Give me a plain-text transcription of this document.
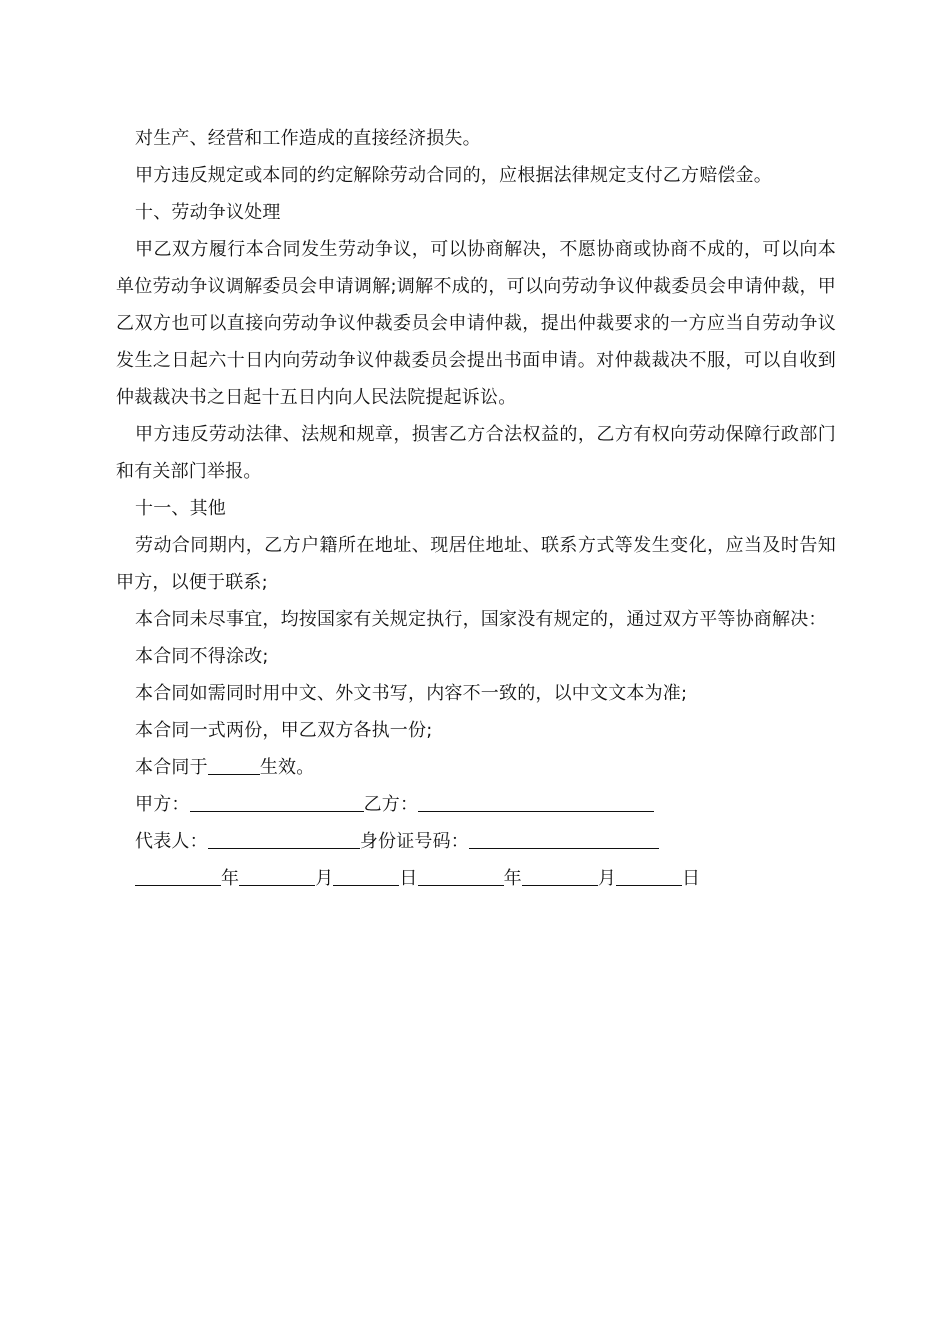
对生产、经营和工作造成的直接经济损失。

甲方违反规定或本同的约定解除劳动合同的，应根据法律规定支付乙方赔偿金。

十、劳动争议处理

甲乙双方履行本合同发生劳动争议，可以协商解决，不愿协商或协商不成的，可以向本单位劳动争议调解委员会申请调解;调解不成的，可以向劳动争议仲裁委员会申请仲裁，甲乙双方也可以直接向劳动争议仲裁委员会申请仲裁，提出仲裁要求的一方应当自劳动争议发生之日起六十日内向劳动争议仲裁委员会提出书面申请。对仲裁裁决不服，可以自收到仲裁裁决书之日起十五日内向人民法院提起诉讼。

甲方违反劳动法律、法规和规章，损害乙方合法权益的，乙方有权向劳动保障行政部门和有关部门举报。

十一、其他

劳动合同期内，乙方户籍所在地址、现居住地址、联系方式等发生变化，应当及时告知甲方，以便于联系;

本合同未尽事宜，均按国家有关规定执行，国家没有规定的，通过双方平等协商解决：

本合同不得涂改;

本合同如需同时用中文、外文书写，内容不一致的，以中文文本为准;

本合同一式两份，甲乙双方各执一份;

本合同于	生效。

甲方：	乙方：

代表人：	身份证号码：

年	月	日	年	月	日
